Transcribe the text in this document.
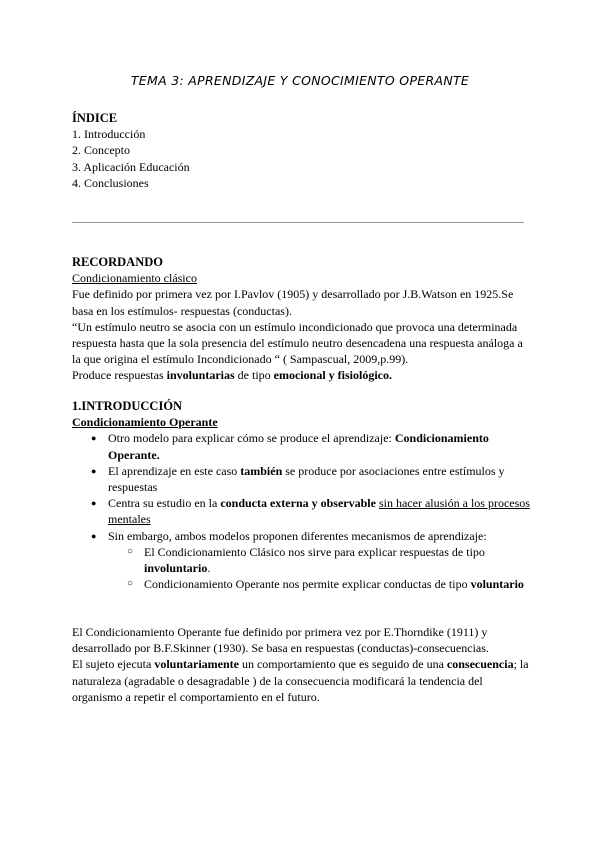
TEMA 3: APRENDIZAJE Y CONOCIMIENTO OPERANTE
ÍNDICE
1. Introducción
2. Concepto
3. Aplicación Educación
4. Conclusiones
RECORDANDO
Condicionamiento clásico

Fue definido por primera vez por I.Pavlov (1905) y desarrollado por J.B.Watson en 1925.Se basa en los estímulos- respuestas (conductas).

“Un estímulo neutro se asocia con un estímulo incondicionado que provoca una determinada respuesta hasta que la sola presencia del estímulo neutro desencadena una respuesta análoga a la que origina el estímulo Incondicionado “ ( Sampascual, 2009,p.99).

Produce respuestas involuntarias de tipo emocional y fisiológico.

1.INTRODUCCIÓN
Condicionamiento Operante
● Otro modelo para explicar cómo se produce el aprendizaje: Condicionamiento Operante.
● El aprendizaje en este caso también se produce por asociaciones entre estímulos y respuestas
● Centra su estudio en la conducta externa y observable sin hacer alusión a los procesos mentales
● Sin embargo, ambos modelos proponen diferentes mecanismos de aprendizaje:
○ El Condicionamiento Clásico nos sirve para explicar respuestas de tipo involuntario.
○ Condicionamiento Operante nos permite explicar conductas de tipo voluntario

El Condicionamiento Operante fue definido por primera vez por E.Thorndike (1911) y desarrollado por B.F.Skinner (1930). Se basa en respuestas (conductas)-consecuencias.

El sujeto ejecuta voluntariamente un comportamiento que es seguido de una consecuencia; la naturaleza (agradable o desagradable ) de la consecuencia modificará la tendencia del organismo a repetir el comportamiento en el futuro.
